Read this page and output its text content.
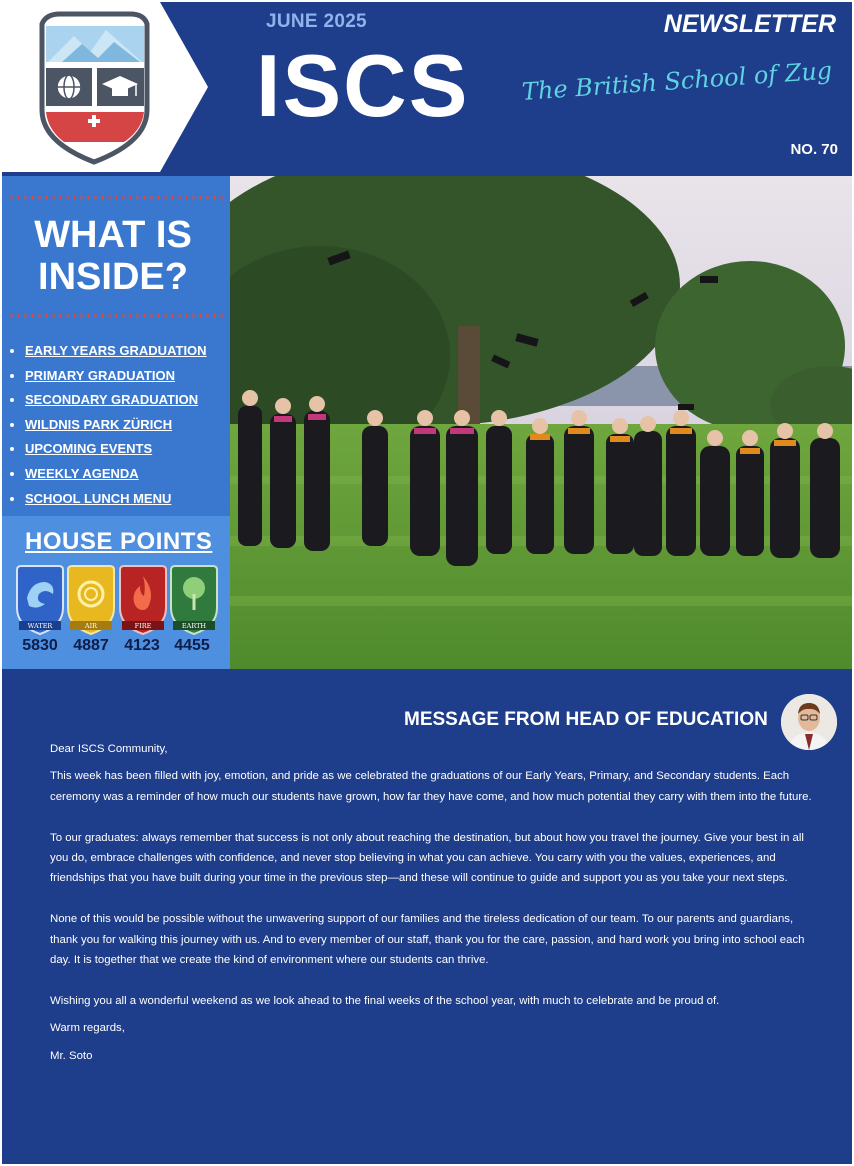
JUNE 2025
ISCS
NEWSLETTER
The British School of Zug
NO. 70
WHAT IS
INSIDE?
EARLY YEARS GRADUATION
PRIMARY GRADUATION
SECONDARY GRADUATION
WILDNIS PARK ZÜRICH
UPCOMING EVENTS
WEEKLY AGENDA
SCHOOL LUNCH MENU
HOUSE POINTS
WATER	AIR	FIRE	EARTH
5830 4887 4123 4455
MESSAGE FROM HEAD OF EDUCATION

Dear ISCS Community,

This week has been filled with joy, emotion, and pride as we celebrated the graduations of our Early Years, Primary, and Secondary students. Each ceremony was a reminder of how much our students have grown, how far they have come, and how much potential they carry with them into the future.

To our graduates: always remember that success is not only about reaching the destination, but about how you travel the journey. Give your best in all you do, embrace challenges with confidence, and never stop believing in what you can achieve. You carry with you the values, experiences, and friendships that you have built during your time in the previous step—and these will continue to guide and support you as you take your next steps.

None of this would be possible without the unwavering support of our families and the tireless dedication of our team. To our parents and guardians, thank you for walking this journey with us. And to every member of our staff, thank you for the care, passion, and hard work you bring into school each day. It is together that we create the kind of environment where our students can thrive.

Wishing you all a wonderful weekend as we look ahead to the final weeks of the school year, with much to celebrate and be proud of.

Warm regards,

Mr. Soto
